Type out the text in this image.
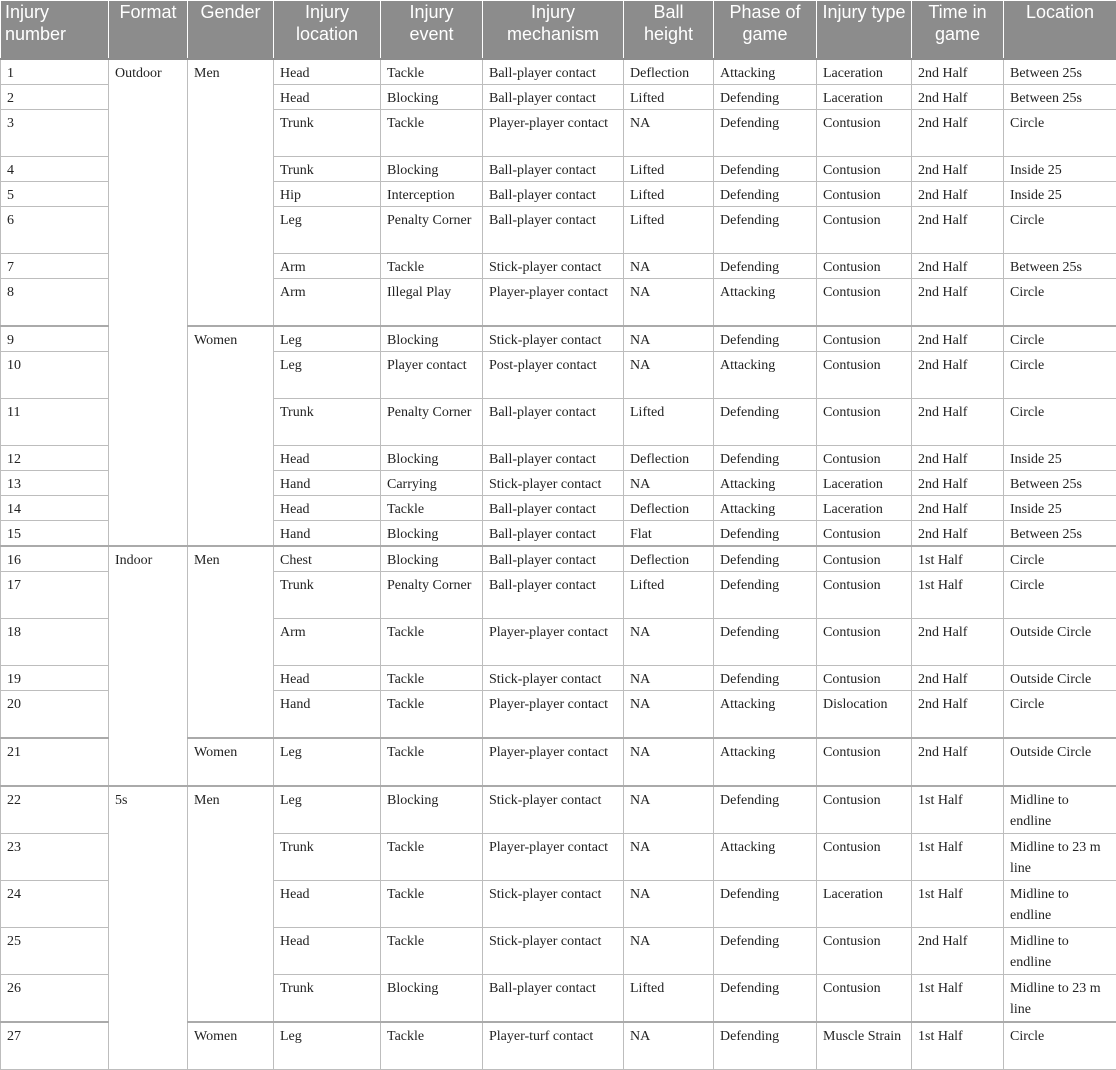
Injury number	Format	Gender	Injury location	Injury event	Injury mechanism	Ball height	Phase of game	Injury type	Time in game	Location
1	Outdoor	Men	Head	Tackle	Ball-player contact	Deflection	Attacking	Laceration	2nd Half	Between 25s
2			Head	Blocking	Ball-player contact	Lifted	Defending	Laceration	2nd Half	Between 25s
3			Trunk	Tackle	Player-player contact	NA	Defending	Contusion	2nd Half	Circle
4			Trunk	Blocking	Ball-player contact	Lifted	Defending	Contusion	2nd Half	Inside 25
5			Hip	Interception	Ball-player contact	Lifted	Defending	Contusion	2nd Half	Inside 25
6			Leg	Penalty Corner	Ball-player contact	Lifted	Defending	Contusion	2nd Half	Circle
7			Arm	Tackle	Stick-player contact	NA	Defending	Contusion	2nd Half	Between 25s
8			Arm	Illegal Play	Player-player contact	NA	Attacking	Contusion	2nd Half	Circle
9		Women	Leg	Blocking	Stick-player contact	NA	Defending	Contusion	2nd Half	Circle
10			Leg	Player contact	Post-player contact	NA	Attacking	Contusion	2nd Half	Circle
11			Trunk	Penalty Corner	Ball-player contact	Lifted	Defending	Contusion	2nd Half	Circle
12			Head	Blocking	Ball-player contact	Deflection	Defending	Contusion	2nd Half	Inside 25
13			Hand	Carrying	Stick-player contact	NA	Attacking	Laceration	2nd Half	Between 25s
14			Head	Tackle	Ball-player contact	Deflection	Attacking	Laceration	2nd Half	Inside 25
15			Hand	Blocking	Ball-player contact	Flat	Defending	Contusion	2nd Half	Between 25s
16	Indoor	Men	Chest	Blocking	Ball-player contact	Deflection	Defending	Contusion	1st Half	Circle
17			Trunk	Penalty Corner	Ball-player contact	Lifted	Defending	Contusion	1st Half	Circle
18			Arm	Tackle	Player-player contact	NA	Defending	Contusion	2nd Half	Outside Circle
19			Head	Tackle	Stick-player contact	NA	Defending	Contusion	2nd Half	Outside Circle
20			Hand	Tackle	Player-player contact	NA	Attacking	Dislocation	2nd Half	Circle
21		Women	Leg	Tackle	Player-player contact	NA	Attacking	Contusion	2nd Half	Outside Circle
22	5s	Men	Leg	Blocking	Stick-player contact	NA	Defending	Contusion	1st Half	Midline to endline
23			Trunk	Tackle	Player-player contact	NA	Attacking	Contusion	1st Half	Midline to 23 m line
24			Head	Tackle	Stick-player contact	NA	Defending	Laceration	1st Half	Midline to endline
25			Head	Tackle	Stick-player contact	NA	Defending	Contusion	2nd Half	Midline to endline
26			Trunk	Blocking	Ball-player contact	Lifted	Defending	Contusion	1st Half	Midline to 23 m line
27		Women	Leg	Tackle	Player-turf contact	NA	Defending	Muscle Strain	1st Half	Circle
